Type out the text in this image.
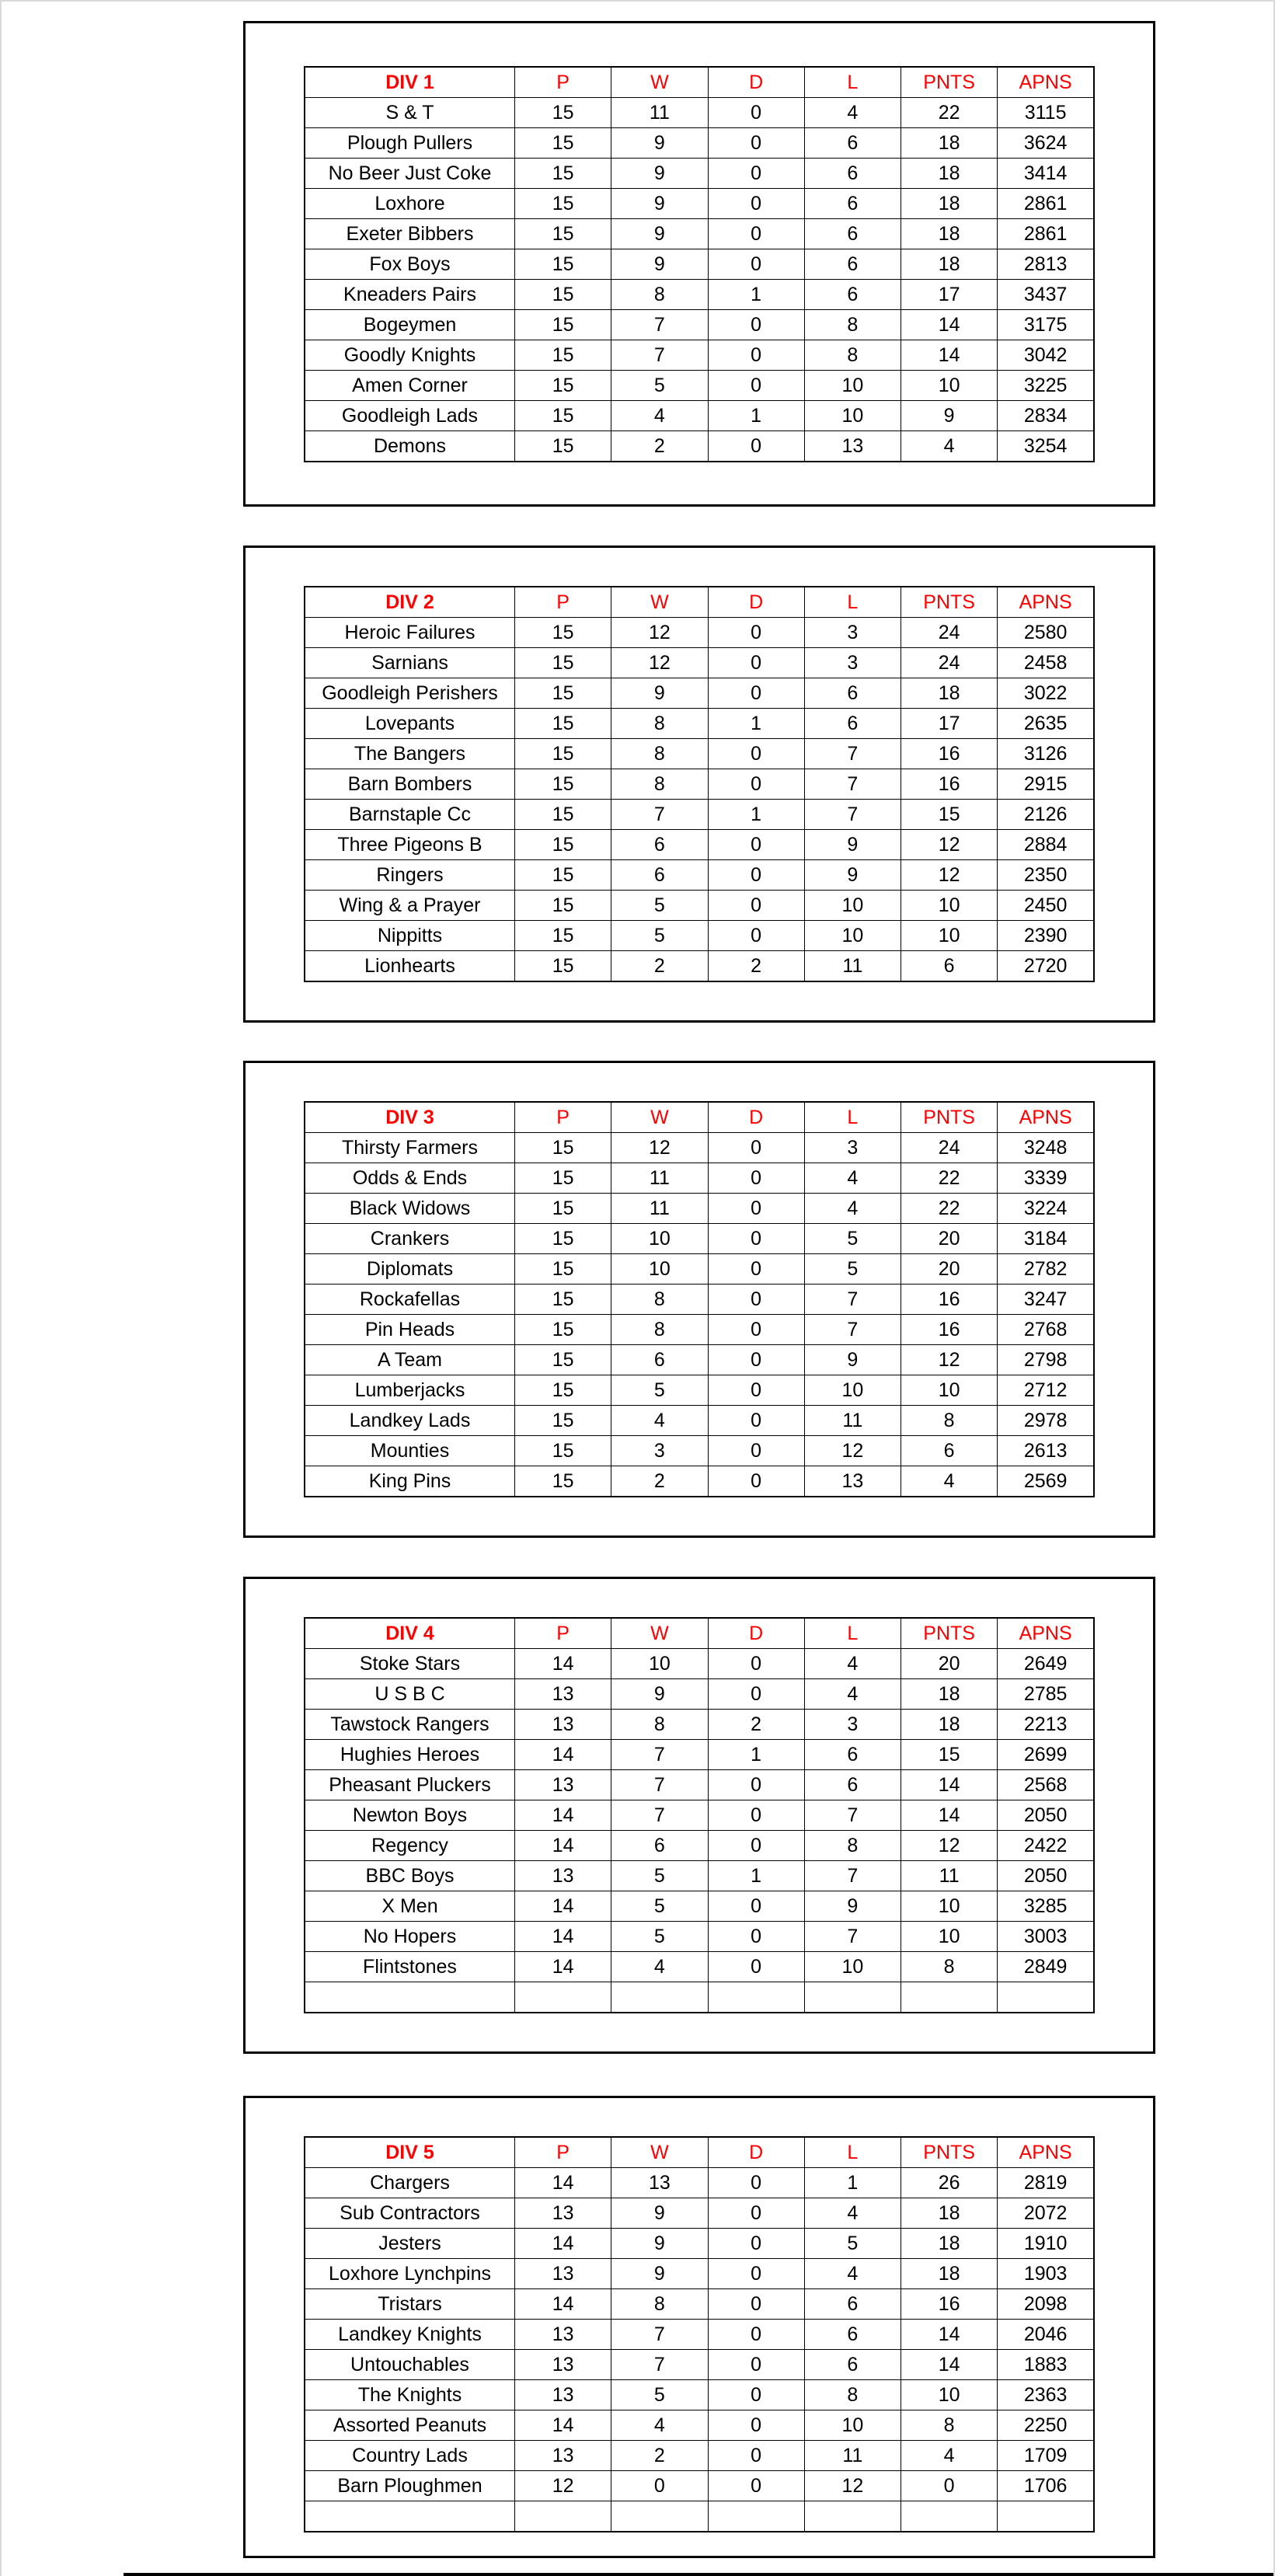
DIV 1	P	W	D	L	PNTS	APNS
S & T	15	11	0	4	22	3115
Plough Pullers	15	9	0	6	18	3624
No Beer Just Coke	15	9	0	6	18	3414
Loxhore	15	9	0	6	18	2861
Exeter Bibbers	15	9	0	6	18	2861
Fox Boys	15	9	0	6	18	2813
Kneaders Pairs	15	8	1	6	17	3437
Bogeymen	15	7	0	8	14	3175
Goodly Knights	15	7	0	8	14	3042
Amen Corner	15	5	0	10	10	3225
Goodleigh Lads	15	4	1	10	9	2834
Demons	15	2	0	13	4	3254
DIV 2	P	W	D	L	PNTS	APNS
Heroic Failures	15	12	0	3	24	2580
Sarnians	15	12	0	3	24	2458
Goodleigh Perishers	15	9	0	6	18	3022
Lovepants	15	8	1	6	17	2635
The Bangers	15	8	0	7	16	3126
Barn Bombers	15	8	0	7	16	2915
Barnstaple Cc	15	7	1	7	15	2126
Three Pigeons B	15	6	0	9	12	2884
Ringers	15	6	0	9	12	2350
Wing & a Prayer	15	5	0	10	10	2450
Nippitts	15	5	0	10	10	2390
Lionhearts	15	2	2	11	6	2720
DIV 3	P	W	D	L	PNTS	APNS
Thirsty Farmers	15	12	0	3	24	3248
Odds & Ends	15	11	0	4	22	3339
Black Widows	15	11	0	4	22	3224
Crankers	15	10	0	5	20	3184
Diplomats	15	10	0	5	20	2782
Rockafellas	15	8	0	7	16	3247
Pin Heads	15	8	0	7	16	2768
A Team	15	6	0	9	12	2798
Lumberjacks	15	5	0	10	10	2712
Landkey Lads	15	4	0	11	8	2978
Mounties	15	3	0	12	6	2613
King Pins	15	2	0	13	4	2569
DIV 4	P	W	D	L	PNTS	APNS
Stoke Stars	14	10	0	4	20	2649
U S B C	13	9	0	4	18	2785
Tawstock Rangers	13	8	2	3	18	2213
Hughies Heroes	14	7	1	6	15	2699
Pheasant Pluckers	13	7	0	6	14	2568
Newton Boys	14	7	0	7	14	2050
Regency	14	6	0	8	12	2422
BBC Boys	13	5	1	7	11	2050
X Men	14	5	0	9	10	3285
No Hopers	14	5	0	7	10	3003
Flintstones	14	4	0	10	8	2849

DIV 5	P	W	D	L	PNTS	APNS
Chargers	14	13	0	1	26	2819
Sub Contractors	13	9	0	4	18	2072
Jesters	14	9	0	5	18	1910
Loxhore Lynchpins	13	9	0	4	18	1903
Tristars	14	8	0	6	16	2098
Landkey Knights	13	7	0	6	14	2046
Untouchables	13	7	0	6	14	1883
The Knights	13	5	0	8	10	2363
Assorted Peanuts	14	4	0	10	8	2250
Country Lads	13	2	0	11	4	1709
Barn Ploughmen	12	0	0	12	0	1706
